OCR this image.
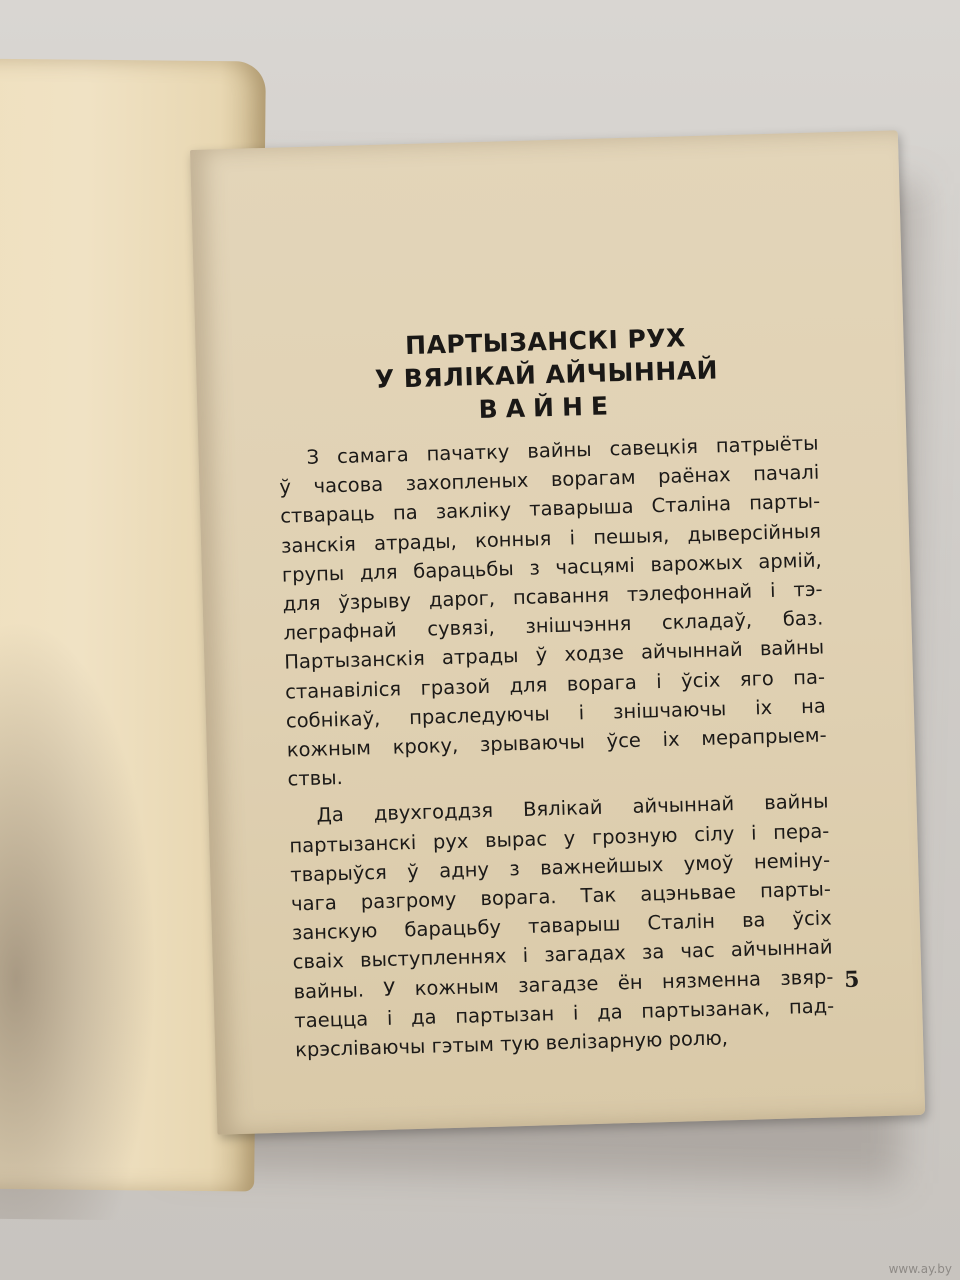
ПАРТЫЗАНСКІ РУХ
У ВЯЛІКАЙ АЙЧЫННАЙ
ВАЙНЕ
З самага пачатку вайны савецкія патрыёты
ў часова захопленых ворагам раёнах пачалі
ствараць па закліку таварыша Сталіна парты-
занскія атрады, конныя і пешыя, дыверсійныя
групы для барацьбы з часцямі варожых армій,
для ўзрыву дарог, псавання тэлефоннай і тэ-
леграфнай сувязі, знішчэння складаў, баз.
Партызанскія атрады ў ходзе айчыннай вайны
станавіліся гразой для ворага і ўсіх яго па-
собнікаў, праследуючы і знішчаючы іх на
кожным кроку, зрываючы ўсе іх мерапрыем-
ствы.
Да двухгоддзя Вялікай айчыннай вайны
партызанскі рух вырас у грозную сілу і пера-
тварыўся ў адну з важнейшых умоў неміну-
чага разгрому ворага. Так ацэньвае парты-
занскую барацьбу таварыш Сталін ва ўсіх
сваіх выступленнях і загадах за час айчыннай
вайны. У кожным загадзе ён нязменна звяр-
таецца і да партызан і да партызанак, пад-
крэсліваючы гэтым тую велізарную ролю,
5
www.ay.by
